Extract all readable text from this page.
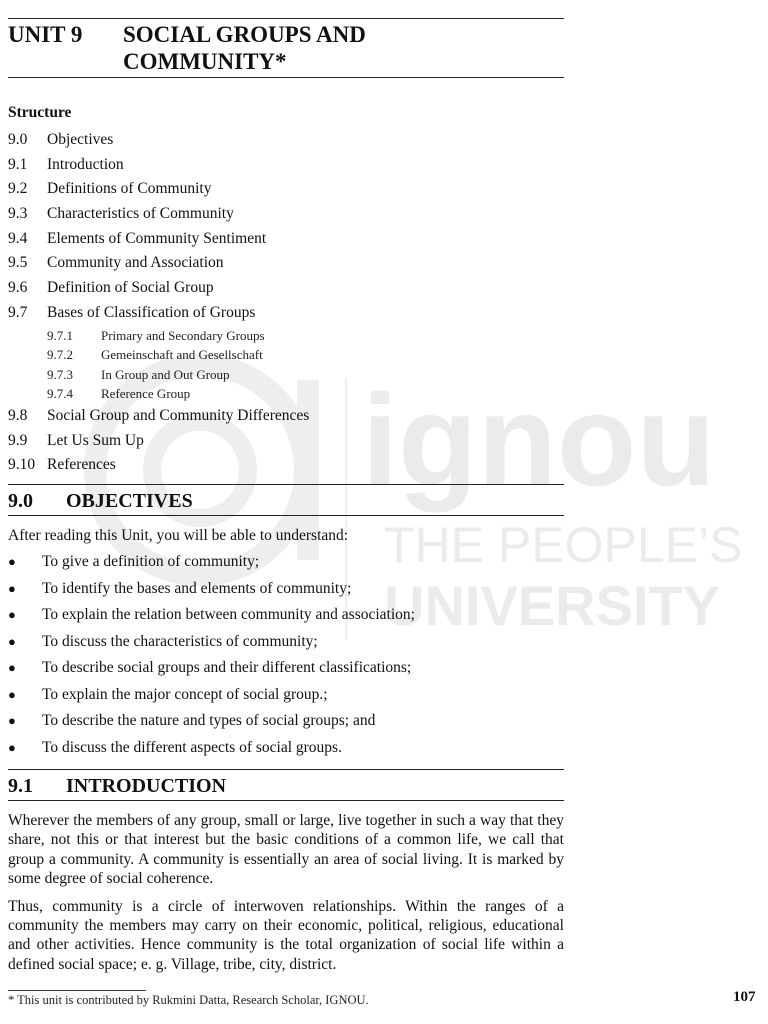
ignou
THE PEOPLE’S
UNIVERSITY
UNIT 9	SOCIAL GROUPS AND
COMMUNITY*
Structure
9.0	Objectives
9.1	Introduction
9.2	Definitions of Community
9.3	Characteristics of Community
9.4	Elements of Community Sentiment
9.5	Community and Association
9.6	Definition of Social Group
9.7	Bases of Classification of Groups
9.7.1	Primary and Secondary Groups
9.7.2	Gemeinschaft and Gesellschaft
9.7.3	In Group and Out Group
9.7.4	Reference Group
9.8	Social Group and Community Differences
9.9	Let Us Sum Up
9.10 References
9.0	OBJECTIVES

After reading this Unit, you will be able to understand:

●	To give a definition of community;
●	To identify the bases and elements of community;
●	To explain the relation between community and association;
●	To discuss the characteristics of community;
●	To describe social groups and their different classifications;
●	To explain the major concept of social group.;
●	To describe the nature and types of social groups; and
●	To discuss the different aspects of social groups.
9.1	INTRODUCTION

Wherever the members of any group, small or large, live together in such a way that they share, not this or that interest but the basic conditions of a common life, we call that group a community. A community is essentially an area of social living. It is marked by some degree of social coherence.

Thus, community is a circle of interwoven relationships. Within the ranges of a community the members may carry on their economic, political, religious, educational and other activities. Hence community is the total organization of social life within a defined social space; e. g. Village, tribe, city, district.

* This unit is contributed by Rukmini Datta, Research Scholar, IGNOU.	107
